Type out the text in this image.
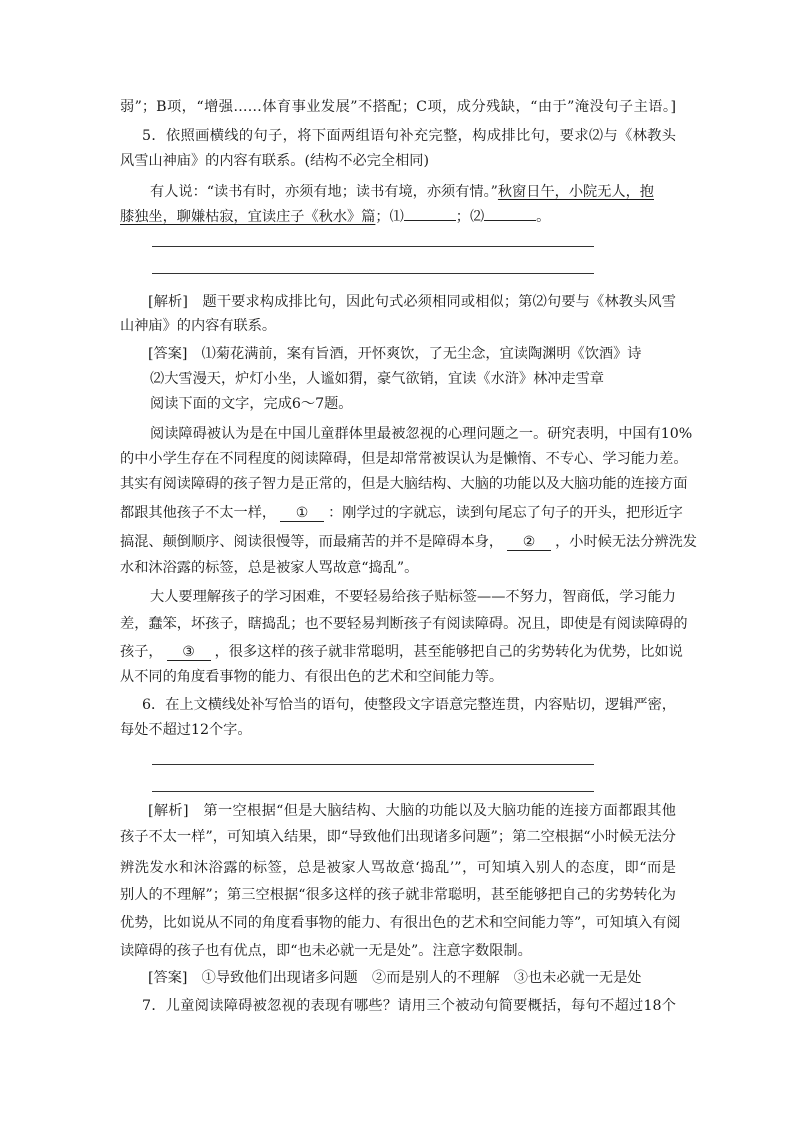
弱”；B项，“增强……体育事业发展”不搭配；C项，成分残缺，“由于”淹没句子主语。]
5．依照画横线的句子，将下面两组语句补充完整，构成排比句，要求⑵与《林教头
风雪山神庙》的内容有联系。(结构不必完全相同)
有人说：“读书有时，亦须有地；读书有境，亦须有情。”秋窗日午，小院无人，抱
膝独坐，聊嫌枯寂，宜读庄子《秋水》篇；⑴	；⑵	。
[解析]　题干要求构成排比句，因此句式必须相同或相似；第⑵句要与《林教头风雪
山神庙》的内容有联系。
[答案]　⑴菊花满前，案有旨酒，开怀爽饮，了无尘念，宜读陶渊明《饮酒》诗
⑵大雪漫天，炉灯小坐，人谧如猬，豪气欲销，宜读《水浒》林冲走雪章
阅读下面的文字，完成6～7题。
阅读障碍被认为是在中国儿童群体里最被忽视的心理问题之一。研究表明，中国有10%
的中小学生存在不同程度的阅读障碍，但是却常常被误认为是懒惰、不专心、学习能力差。
其实有阅读障碍的孩子智力是正常的，但是大脑结构、大脑的功能以及大脑功能的连接方面
都跟其他孩子不太一样， ① ：刚学过的字就忘，读到句尾忘了句子的开头，把形近字
搞混、颠倒顺序、阅读很慢等，而最痛苦的并不是障碍本身， ② ，小时候无法分辨洗发
水和沐浴露的标签，总是被家人骂故意“捣乱”。
大人要理解孩子的学习困难，不要轻易给孩子贴标签——不努力，智商低，学习能力
差，蠢笨，坏孩子，瞎捣乱；也不要轻易判断孩子有阅读障碍。况且，即使是有阅读障碍的
孩子， ③ ，很多这样的孩子就非常聪明，甚至能够把自己的劣势转化为优势，比如说
从不同的角度看事物的能力、有很出色的艺术和空间能力等。
6．在上文横线处补写恰当的语句，使整段文字语意完整连贯，内容贴切，逻辑严密，
每处不超过12个字。
[解析]　第一空根据“但是大脑结构、大脑的功能以及大脑功能的连接方面都跟其他
孩子不太一样”，可知填入结果，即“导致他们出现诸多问题”；第二空根据“小时候无法分
辨洗发水和沐浴露的标签，总是被家人骂故意‘捣乱’”，可知填入别人的态度，即“而是
别人的不理解”；第三空根据“很多这样的孩子就非常聪明，甚至能够把自己的劣势转化为
优势，比如说从不同的角度看事物的能力、有很出色的艺术和空间能力等”，可知填入有阅
读障碍的孩子也有优点，即“也未必就一无是处”。注意字数限制。
[答案]　①导致他们出现诸多问题　②而是别人的不理解　③也未必就一无是处
7．儿童阅读障碍被忽视的表现有哪些？请用三个被动句简要概括，每句不超过18个
